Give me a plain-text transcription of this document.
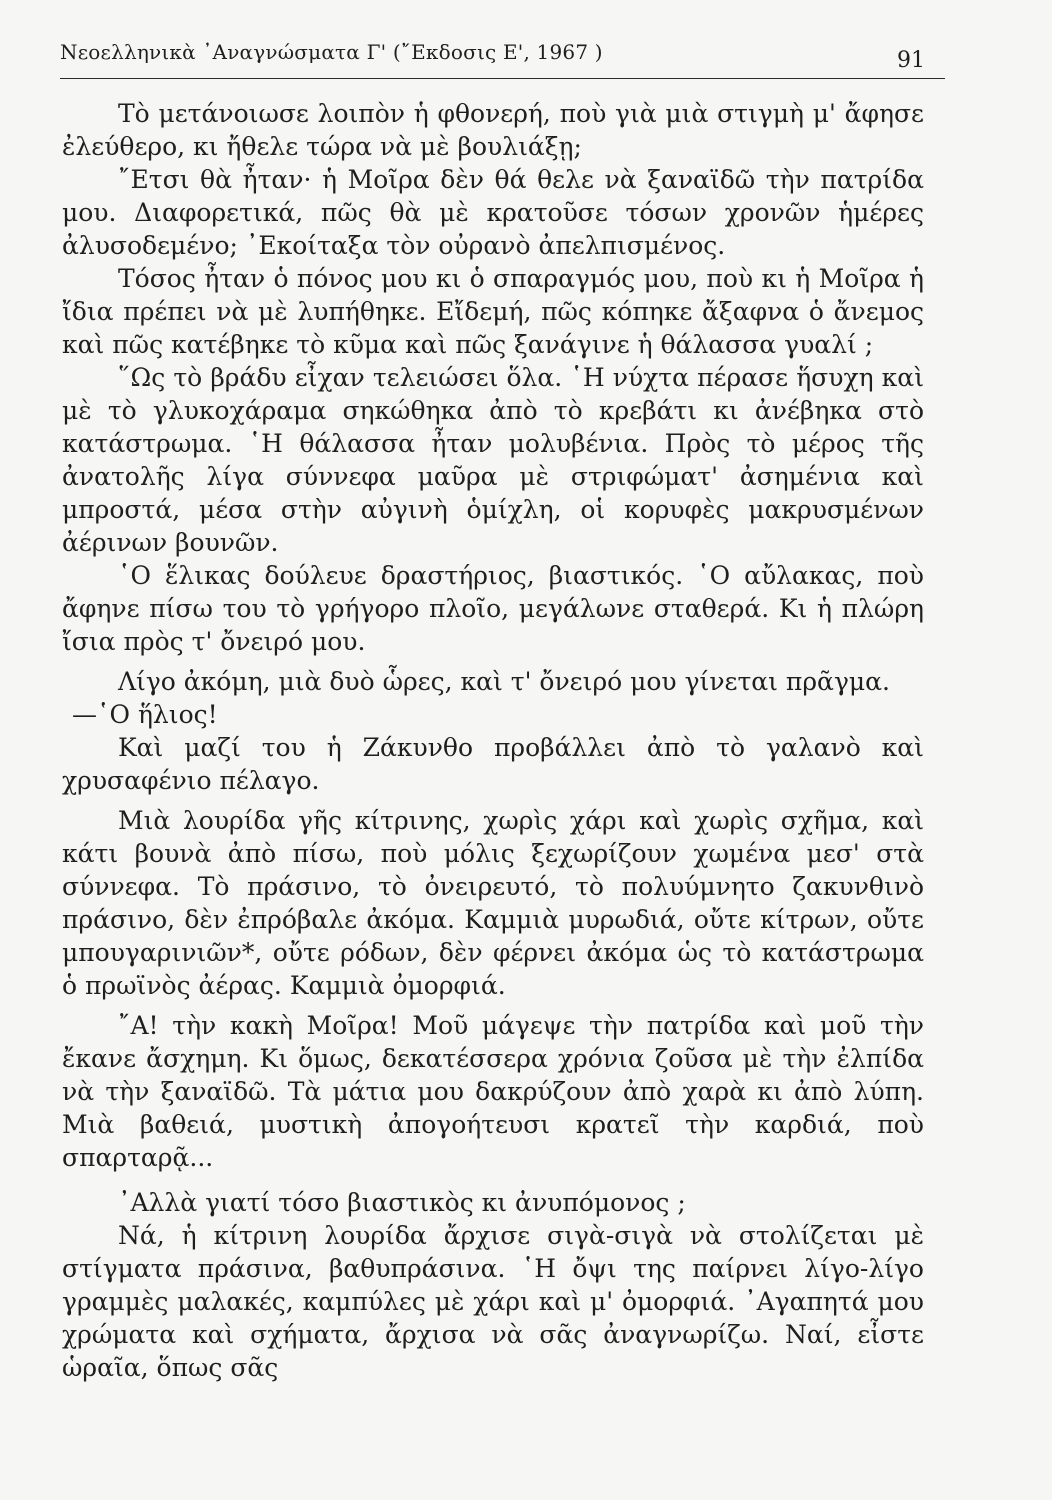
Νεοελληνικὰ ᾿Αναγνώσματα Γ' (῎Εκδοσις Ε', 1967 )	91

Τὸ μετάνοιωσε λοιπὸν ἡ φθονερή, ποὺ γιὰ μιὰ στιγμὴ μ' ἄφησε ἐλεύθερο, κι ἤθελε τώρα νὰ μὲ βουλιάξῃ;

῎Ετσι θὰ ἦταν· ἡ Μοῖρα δὲν θά θελε νὰ ξαναϊδῶ τὴν πατρίδα μου. Διαφορετικά, πῶς θὰ μὲ κρατοῦσε τόσων χρονῶν ἡμέρες ἀλυσοδεμένο; ᾿Εκοίταξα τὸν οὐρανὸ ἀπελπισμένος.

Τόσος ἦταν ὁ πόνος μου κι ὁ σπαραγμός μου, ποὺ κι ἡ Μοῖρα ἡ ἴδια πρέπει νὰ μὲ λυπήθηκε. Εἴδεμή, πῶς κόπηκε ἄξαφνα ὁ ἄνεμος καὶ πῶς κατέβηκε τὸ κῦμα καὶ πῶς ξανάγινε ἡ θάλασσα γυαλί ;

῞Ως τὸ βράδυ εἶχαν τελειώσει ὅλα. ῾Η νύχτα πέρασε ἥσυχη καὶ μὲ τὸ γλυκοχάραμα σηκώθηκα ἀπὸ τὸ κρεβάτι κι ἀνέβηκα στὸ κατάστρωμα. ῾Η θάλασσα ἦταν μολυβένια. Πρὸς τὸ μέρος τῆς ἀνατολῆς λίγα σύννεφα μαῦρα μὲ στριφώματ' ἀσημένια καὶ μπροστά, μέσα στὴν αὐγινὴ ὁμίχλη, οἱ κορυφὲς μακρυσμένων ἀέρινων βουνῶν.

῾Ο ἕλικας δούλευε δραστήριος, βιαστικός. ῾Ο αὔλακας, ποὺ ἄφηνε πίσω του τὸ γρήγορο πλοῖο, μεγάλωνε σταθερά. Κι ἡ πλώρη ἴσια πρὸς τ' ὄνειρό μου.

Λίγο ἀκόμη, μιὰ δυὸ ὧρες, καὶ τ' ὄνειρό μου γίνεται πρᾶγμα.

—῾Ο ἥλιος!

Καὶ μαζί του ἡ Ζάκυνθο προβάλλει ἀπὸ τὸ γαλανὸ καὶ χρυσαφένιο πέλαγο.

Μιὰ λουρίδα γῆς κίτρινης, χωρὶς χάρι καὶ χωρὶς σχῆμα, καὶ κάτι βουνὰ ἀπὸ πίσω, ποὺ μόλις ξεχωρίζουν χωμένα μεσ' στὰ σύννεφα. Τὸ πράσινο, τὸ ὀνειρευτό, τὸ πολυύμνητο ζακυνθινὸ πράσινο, δὲν ἐπρόβαλε ἀκόμα. Καμμιὰ μυρωδιά, οὔτε κίτρων, οὔτε μπουγαρινιῶν*, οὔτε ρόδων, δὲν φέρνει ἀκόμα ὡς τὸ κατάστρωμα ὁ πρωϊνὸς ἀέρας. Καμμιὰ ὀμορφιά.

῎Α! τὴν κακὴ Μοῖρα! Μοῦ μάγεψε τὴν πατρίδα καὶ μοῦ τὴν ἔκανε ἄσχημη. Κι ὅμως, δεκατέσσερα χρόνια ζοῦσα μὲ τὴν ἐλπίδα νὰ τὴν ξαναϊδῶ. Τὰ μάτια μου δακρύζουν ἀπὸ χαρὰ κι ἀπὸ λύπη. Μιὰ βαθειά, μυστικὴ ἀπογοήτευσι κρατεῖ τὴν καρδιά, ποὺ σπαρταρᾷ...

᾿Αλλὰ γιατί τόσο βιαστικὸς κι ἀνυπόμονος ;

Νά, ἡ κίτρινη λουρίδα ἄρχισε σιγὰ-σιγὰ νὰ στολίζεται μὲ στίγματα πράσινα, βαθυπράσινα. ῾Η ὄψι της παίρνει λίγο-λίγο γραμμὲς μαλακές, καμπύλες μὲ χάρι καὶ μ' ὀμορφιά. ᾿Αγαπητά μου χρώματα καὶ σχήματα, ἄρχισα νὰ σᾶς ἀναγνωρίζω. Ναί, εἶστε ὡραῖα, ὅπως σᾶς
